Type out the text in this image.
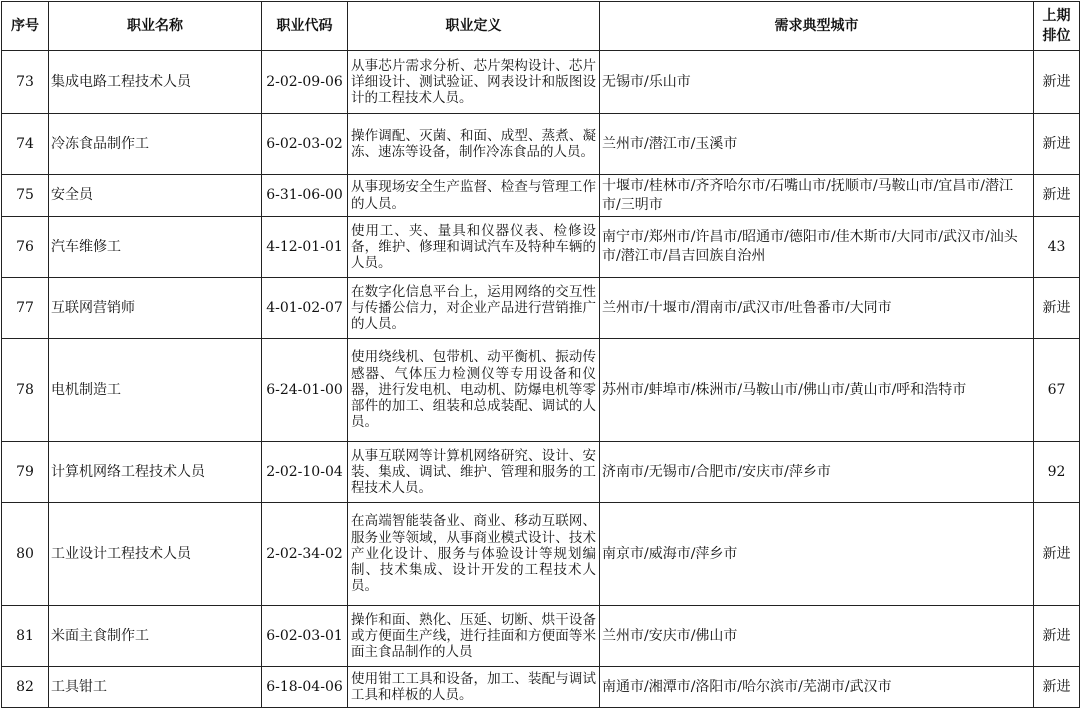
序号	职业名称	职业代码	职业定义	需求典型城市	上期排位
73	集成电路工程技术人员	2-02-09-06	从事芯片需求分析、芯片架构设计、芯片详细设计、测试验证、网表设计和版图设计的工程技术人员。	无锡市/乐山市	新进
74	冷冻食品制作工	6-02-03-02	操作调配、灭菌、和面、成型、蒸煮、凝冻、速冻等设备，制作冷冻食品的人员。	兰州市/潜江市/玉溪市	新进
75	安全员	6-31-06-00	从事现场安全生产监督、检查与管理工作的人员。	十堰市/桂林市/齐齐哈尔市/石嘴山市/抚顺市/马鞍山市/宜昌市/潜江市/三明市	新进
76	汽车维修工	4-12-01-01	使用工、夹、量具和仪器仪表、检修设备，维护、修理和调试汽车及特种车辆的人员。	南宁市/郑州市/许昌市/昭通市/德阳市/佳木斯市/大同市/武汉市/汕头市/潜江市/昌吉回族自治州	43
77	互联网营销师	4-01-02-07	在数字化信息平台上，运用网络的交互性与传播公信力，对企业产品进行营销推广的人员。	兰州市/十堰市/渭南市/武汉市/吐鲁番市/大同市	新进
78	电机制造工	6-24-01-00	使用绕线机、包带机、动平衡机、振动传感器、气体压力检测仪等专用设备和仪器，进行发电机、电动机、防爆电机等零部件的加工、组装和总成装配、调试的人员。	苏州市/蚌埠市/株洲市/马鞍山市/佛山市/黄山市/呼和浩特市	67
79	计算机网络工程技术人员	2-02-10-04	从事互联网等计算机网络研究、设计、安装、集成、调试、维护、管理和服务的工程技术人员。	济南市/无锡市/合肥市/安庆市/萍乡市	92
80	工业设计工程技术人员	2-02-34-02	在高端智能装备业、商业、移动互联网、服务业等领域，从事商业模式设计、技术产业化设计、服务与体验设计等规划编制、技术集成、设计开发的工程技术人员。	南京市/威海市/萍乡市	新进
81	米面主食制作工	6-02-03-01	操作和面、熟化、压延、切断、烘干设备或方便面生产线，进行挂面和方便面等米面主食品制作的人员	兰州市/安庆市/佛山市	新进
82	工具钳工	6-18-04-06	使用钳工工具和设备，加工、装配与调试工具和样板的人员。	南通市/湘潭市/洛阳市/哈尔滨市/芜湖市/武汉市	新进
